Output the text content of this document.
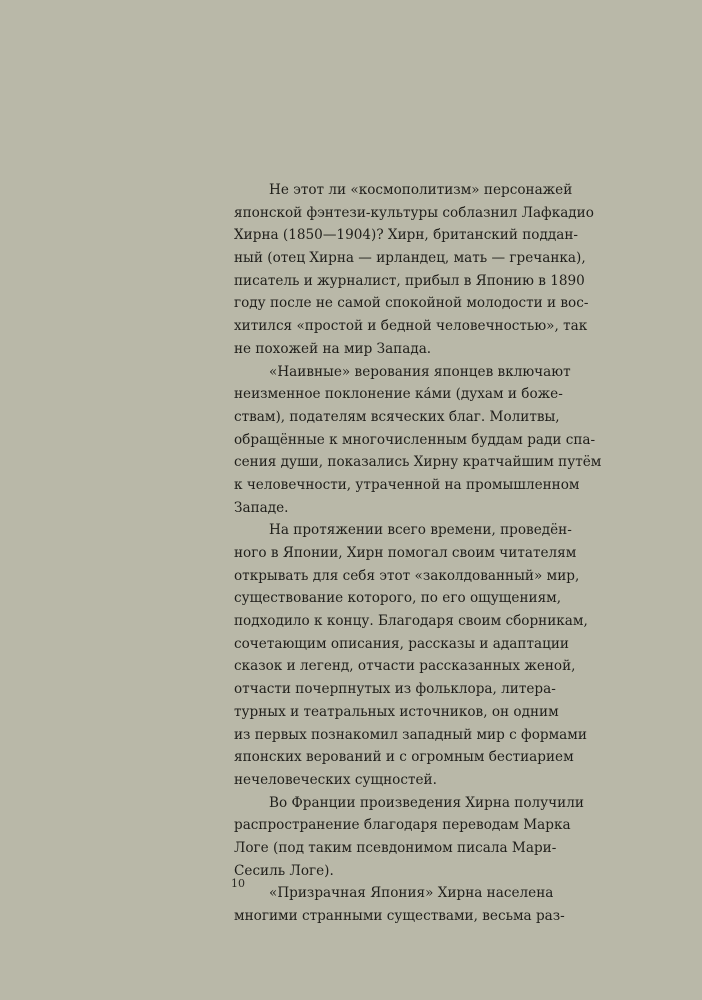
Не этот ли «космополитизм» персонажей
японской фэнтези-культуры соблазнил Лафкадио
Хирна (1850—1904)? Хирн, британский поддан-
ный (отец Хирна — ирландец, мать — гречанка),
писатель и журналист, прибыл в Японию в 1890
году после не самой спокойной молодости и вос-
хитился «простой и бедной человечностью», так
не похожей на мир Запада.
«Наивные» верования японцев включают
неизменное поклонение ка́ми (духам и боже-
ствам), подателям всяческих благ. Молитвы,
обращённые к многочисленным буддам ради спа-
сения души, показались Хирну кратчайшим путём
к человечности, утраченной на промышленном
Западе.
На протяжении всего времени, проведён-
ного в Японии, Хирн помогал своим читателям
открывать для себя этот «заколдованный» мир,
существование которого, по его ощущениям,
подходило к концу. Благодаря своим сборникам,
сочетающим описания, рассказы и адаптации
сказок и легенд, отчасти рассказанных женой,
отчасти почерпнутых из фольклора, литера-
турных и театральных источников, он одним
из первых познакомил западный мир с формами
японских верований и с огромным бестиарием
нечеловеческих сущностей.
Во Франции произведения Хирна получили
распространение благодаря переводам Марка
Логе (под таким псевдонимом писала Мари-
Сесиль Логе).
«Призрачная Япония» Хирна населена
многими странными существами, весьма раз-
10
